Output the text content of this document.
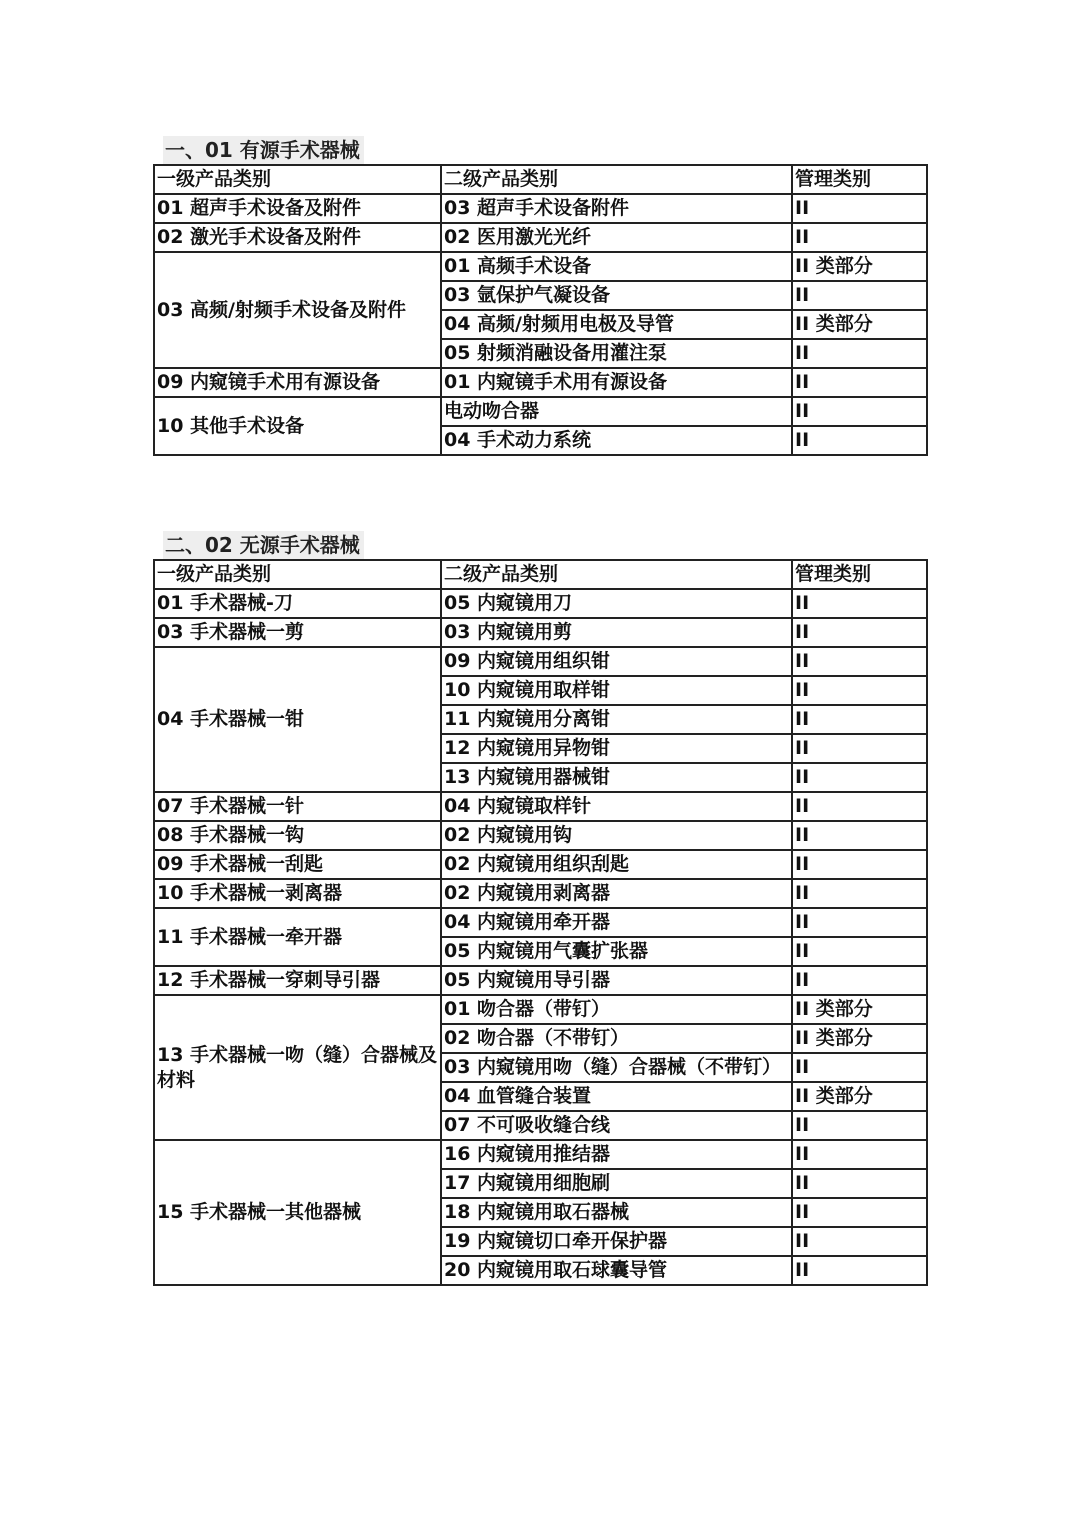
一、01 有源手术器械
一级产品类别	二级产品类别	管理类别
01 超声手术设备及附件	03 超声手术设备附件	II
02 激光手术设备及附件	02 医用激光光纤	II
03 高频/射频手术设备及附件	01 高频手术设备	II 类部分
	03 氩保护气凝设备	II
	04 高频/射频用电极及导管	II 类部分
	05 射频消融设备用灌注泵	II
09 内窥镜手术用有源设备	01 内窥镜手术用有源设备	II
10 其他手术设备	电动吻合器	II
	04 手术动力系统	II
二、02 无源手术器械
一级产品类别	二级产品类别	管理类别
01 手术器械-刀	05 内窥镜用刀	II
03 手术器械一剪	03 内窥镜用剪	II
04 手术器械一钳	09 内窥镜用组织钳	II
	10 内窥镜用取样钳	II
	11 内窥镜用分离钳	II
	12 内窥镜用异物钳	II
	13 内窥镜用器械钳	II
07 手术器械一针	04 内窥镜取样针	II
08 手术器械一钩	02 内窥镜用钩	II
09 手术器械一刮匙	02 内窥镜用组织刮匙	II
10 手术器械一剥离器	02 内窥镜用剥离器	II
11 手术器械一牵开器	04 内窥镜用牵开器	II
	05 内窥镜用气囊扩张器	II
12 手术器械一穿刺导引器	05 内窥镜用导引器	II
13 手术器械一吻（缝）合器械及材料	01 吻合器（带钉）	II 类部分
	02 吻合器（不带钉）	II 类部分
	03 内窥镜用吻（缝）合器械（不带钉）	II
	04 血管缝合装置	II 类部分
	07 不可吸收缝合线	II
15 手术器械一其他器械	16 内窥镜用推结器	II
	17 内窥镜用细胞刷	II
	18 内窥镜用取石器械	II
	19 内窥镜切口牵开保护器	II
	20 内窥镜用取石球囊导管	II
